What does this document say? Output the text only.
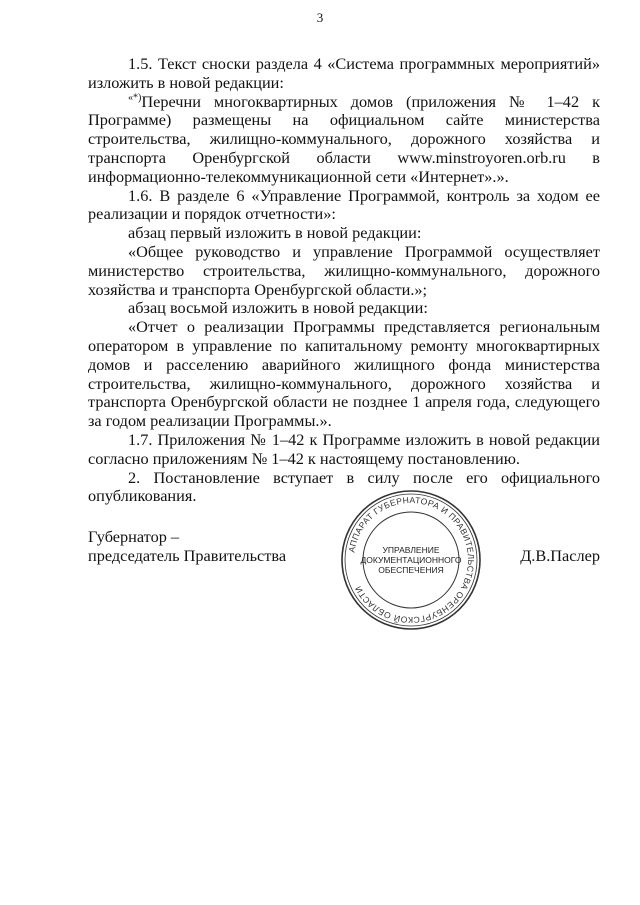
3

1.5. Текст сноски раздела 4 «Система программных мероприятий» изложить в новой редакции:

«*)Перечни многоквартирных домов (приложения № 1–42 к Программе) размещены на официальном сайте министерства строительства, жилищно-коммунального, дорожного хозяйства и транспорта Оренбургской области www.minstroyoren.orb.ru в информационно-телекоммуникационной сети «Интернет».».

1.6. В разделе 6 «Управление Программой, контроль за ходом ее реализации и порядок отчетности»:

абзац первый изложить в новой редакции:

«Общее руководство и управление Программой осуществляет министерство строительства, жилищно-коммунального, дорожного хозяйства и транспорта Оренбургской области.»;

абзац восьмой изложить в новой редакции:

«Отчет о реализации Программы представляется региональным оператором в управление по капитальному ремонту многоквартирных домов и расселению аварийного жилищного фонда министерства строительства, жилищно-коммунального, дорожного хозяйства и транспорта Оренбургской области не позднее 1 апреля года, следующего за годом реализации Программы.».

1.7. Приложения № 1–42 к Программе изложить в новой редакции согласно приложениям № 1–42 к настоящему постановлению.

2. Постановление вступает в силу после его официального опубликования.

Губернатор –
председатель Правительства	Д.В.Паслер
АППАРАТ ГУБЕРНАТОРА И ПРАВИТЕЛЬСТВА ОРЕНБУРГСКОЙ ОБЛАСТИ
УПРАВЛЕНИЕ
ДОКУМЕНТАЦИОННОГО
ОБЕСПЕЧЕНИЯ
